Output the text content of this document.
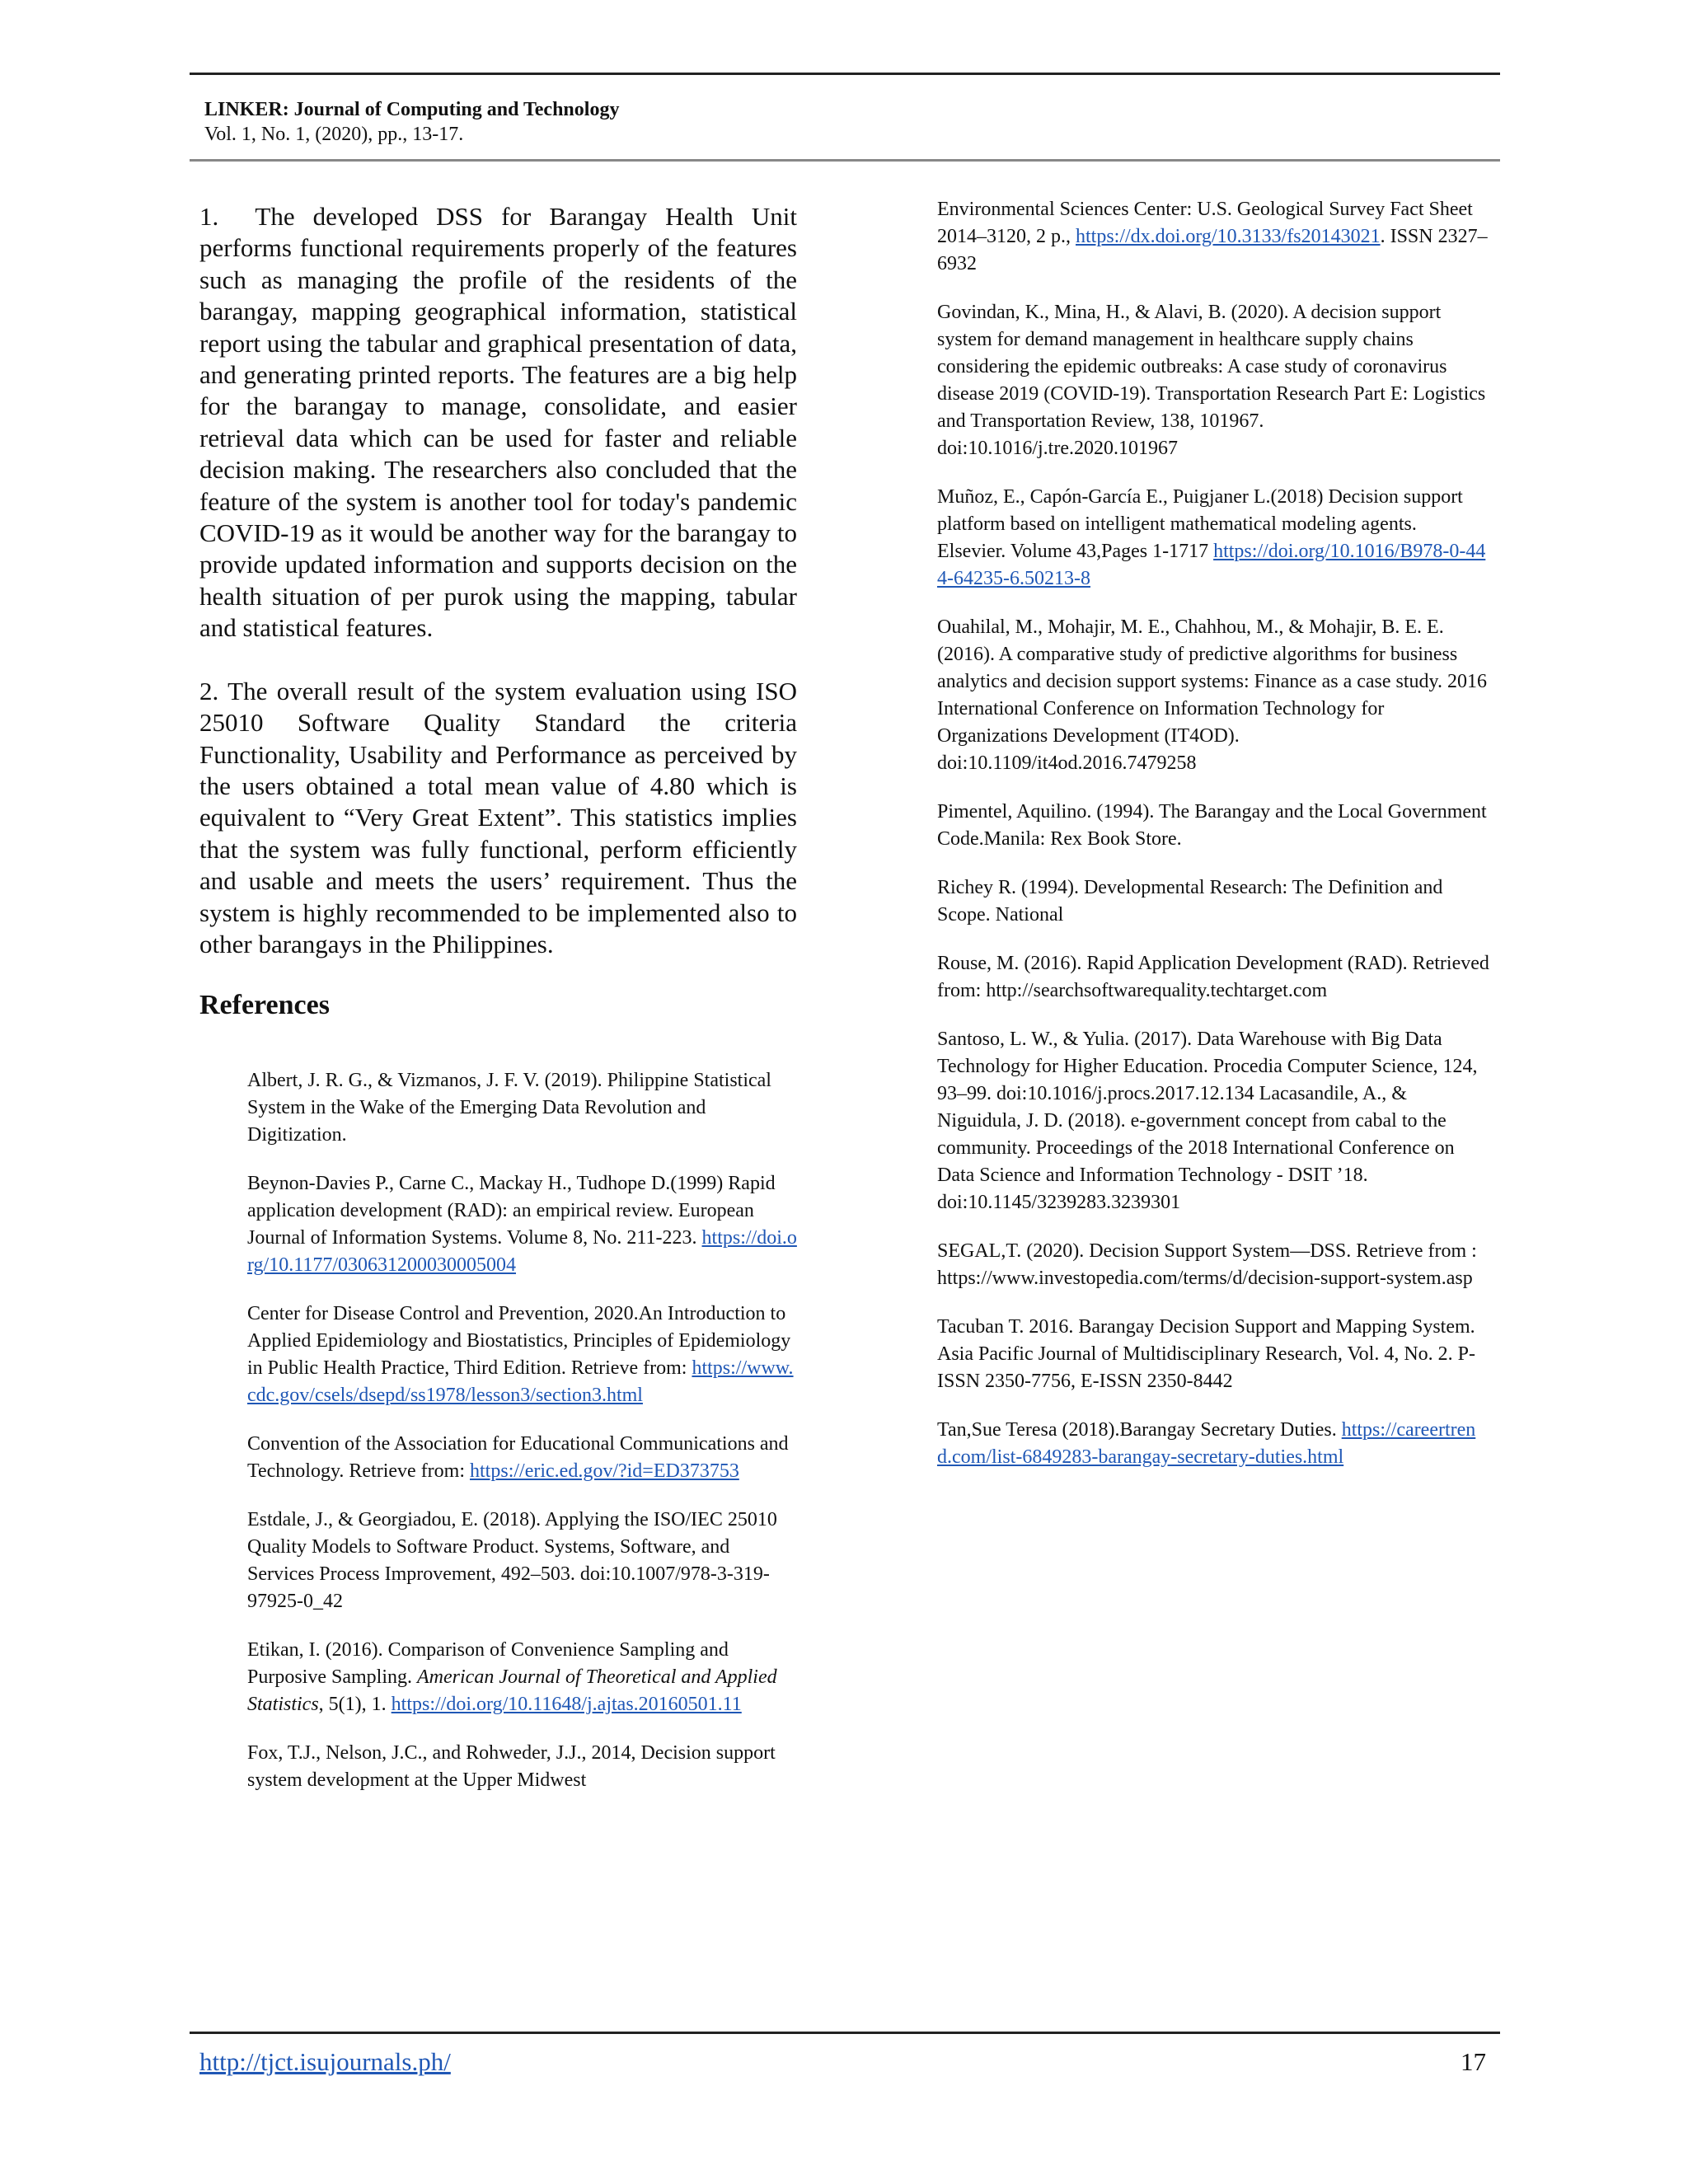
LINKER: Journal of Computing and Technology
Vol. 1, No. 1, (2020), pp., 13-17.

1.  The developed DSS for Barangay Health Unit performs functional requirements properly of the features such as managing the profile of the residents of the barangay, mapping geographical information, statistical report using the tabular and graphical presentation of data, and generating printed reports. The features are a big help for the barangay to manage, consolidate, and easier retrieval data which can be used for faster and reliable decision making. The researchers also concluded that the feature of the system is another tool for today's pandemic COVID-19 as it would be another way for the barangay to provide updated information and supports decision on the health situation of per purok using the mapping, tabular and statistical features.

2. The overall result of the system evaluation using ISO 25010 Software Quality Standard the criteria Functionality, Usability and Performance as perceived by the users obtained a total mean value of 4.80 which is equivalent to “Very Great Extent”. This statistics implies that the system was fully functional, perform efficiently and usable and meets the users’ requirement. Thus the system is highly recommended to be implemented also to other barangays in the Philippines.

References

Albert, J. R. G., & Vizmanos, J. F. V. (2019). Philippine Statistical System in the Wake of the Emerging Data Revolution and Digitization.

Beynon-Davies P., Carne C., Mackay H., Tudhope D.(1999) Rapid application development (RAD): an empirical review. European Journal of Information Systems. Volume 8, No. 211-223. https://doi.org/10.1177/030631200030005004

Center for Disease Control and Prevention, 2020.An Introduction to Applied Epidemiology and Biostatistics, Principles of Epidemiology in Public Health Practice, Third Edition. Retrieve from: https://www.cdc.gov/csels/dsepd/ss1978/lesson3/section3.html

Convention of the Association for Educational Communications and Technology. Retrieve from: https://eric.ed.gov/?id=ED373753

Estdale, J., & Georgiadou, E. (2018). Applying the ISO/IEC 25010 Quality Models to Software Product. Systems, Software, and Services Process Improvement, 492–503. doi:10.1007/978-3-319-97925-0_42

Etikan, I. (2016). Comparison of Convenience Sampling and Purposive Sampling. American Journal of Theoretical and Applied Statistics, 5(1), 1. https://doi.org/10.11648/j.ajtas.20160501.11

Fox, T.J., Nelson, J.C., and Rohweder, J.J., 2014, Decision support system development at the Upper Midwest

Environmental Sciences Center: U.S. Geological Survey Fact Sheet 2014–3120, 2 p., https://dx.doi.org/10.3133/fs20143021. ISSN 2327–6932

Govindan, K., Mina, H., & Alavi, B. (2020). A decision support system for demand management in healthcare supply chains considering the epidemic outbreaks: A case study of coronavirus disease 2019 (COVID-19). Transportation Research Part E: Logistics and Transportation Review, 138, 101967. doi:10.1016/j.tre.2020.101967

Muñoz, E., Capón-García E., Puigjaner L.(2018) Decision support platform based on intelligent mathematical modeling agents. Elsevier. Volume 43,Pages 1-1717 https://doi.org/10.1016/B978-0-444-64235-6.50213-8

Ouahilal, M., Mohajir, M. E., Chahhou, M., & Mohajir, B. E. E. (2016). A comparative study of predictive algorithms for business analytics and decision support systems: Finance as a case study. 2016 International Conference on Information Technology for Organizations Development (IT4OD). doi:10.1109/it4od.2016.7479258

Pimentel, Aquilino. (1994). The Barangay and the Local Government Code.Manila: Rex Book Store.

Richey R. (1994). Developmental Research: The Definition and Scope. National

Rouse, M. (2016). Rapid Application Development (RAD). Retrieved from: http://searchsoftwarequality.techtarget.com

Santoso, L. W., & Yulia. (2017). Data Warehouse with Big Data Technology for Higher Education. Procedia Computer Science, 124, 93–99. doi:10.1016/j.procs.2017.12.134 Lacasandile, A., & Niguidula, J. D. (2018). e-government concept from cabal to the community. Proceedings of the 2018 International Conference on Data Science and Information Technology - DSIT ’18. doi:10.1145/3239283.3239301

SEGAL,T. (2020). Decision Support System—DSS. Retrieve from : https://www.investopedia.com/terms/d/decision-support-system.asp

Tacuban T. 2016. Barangay Decision Support and Mapping System. Asia Pacific Journal of Multidisciplinary Research, Vol. 4, No. 2. P-ISSN 2350-7756, E-ISSN 2350-8442

Tan,Sue Teresa (2018).Barangay Secretary Duties. https://careertrend.com/list-6849283-barangay-secretary-duties.html

http://tjct.isujournals.ph/	17
